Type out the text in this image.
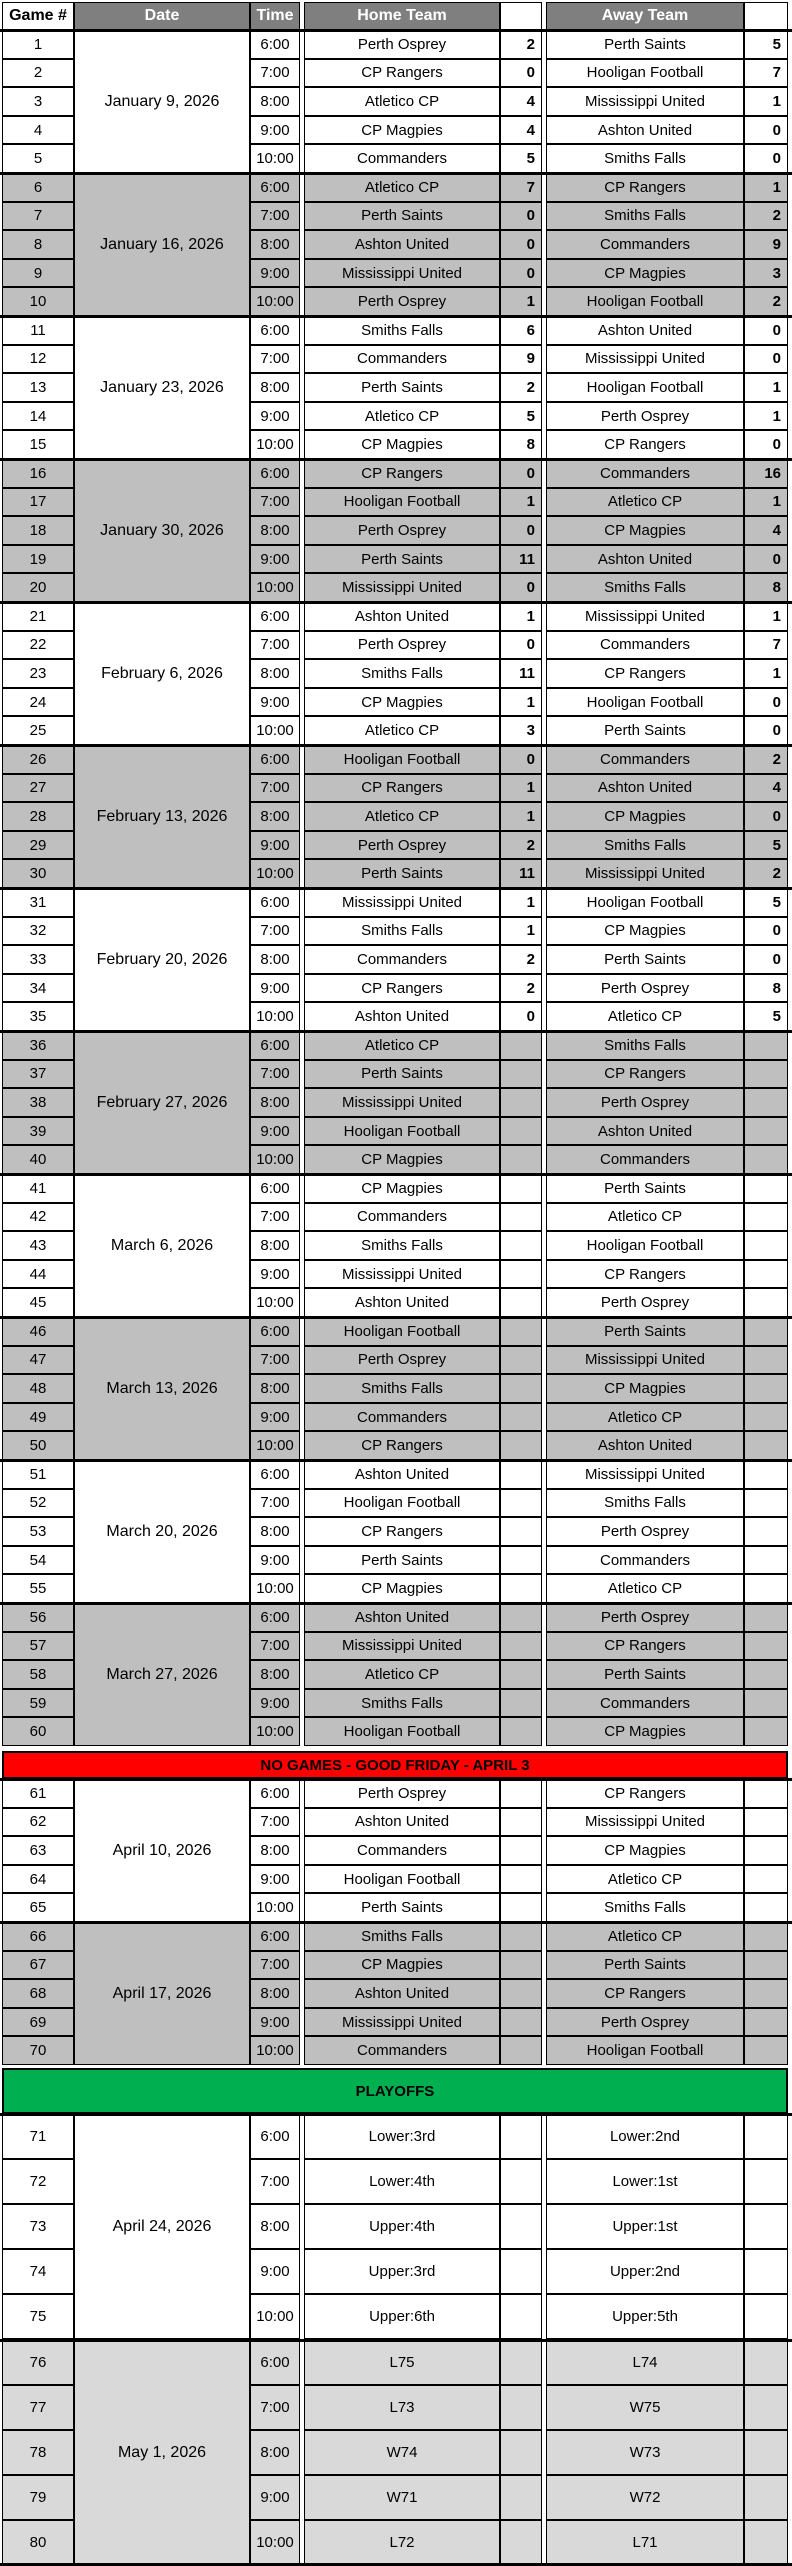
Game #	Date	Time	Home Team	Away Team
January 9, 2026
1	6:00	Perth Osprey	2	Perth Saints	5
2	7:00	CP Rangers	0	Hooligan Football	7
3	8:00	Atletico CP	4	Mississippi United	1
4	9:00	CP Magpies	4	Ashton United	0
5	10:00	Commanders	5	Smiths Falls	0
January 16, 2026
6	6:00	Atletico CP	7	CP Rangers	1
7	7:00	Perth Saints	0	Smiths Falls	2
8	8:00	Ashton United	0	Commanders	9
9	9:00	Mississippi United	0	CP Magpies	3
10	10:00	Perth Osprey	1	Hooligan Football	2
January 23, 2026
11	6:00	Smiths Falls	6	Ashton United	0
12	7:00	Commanders	9	Mississippi United	0
13	8:00	Perth Saints	2	Hooligan Football	1
14	9:00	Atletico CP	5	Perth Osprey	1
15	10:00	CP Magpies	8	CP Rangers	0
January 30, 2026
16	6:00	CP Rangers	0	Commanders	16
17	7:00	Hooligan Football	1	Atletico CP	1
18	8:00	Perth Osprey	0	CP Magpies	4
19	9:00	Perth Saints	11	Ashton United	0
20	10:00	Mississippi United	0	Smiths Falls	8
February 6, 2026
21	6:00	Ashton United	1	Mississippi United	1
22	7:00	Perth Osprey	0	Commanders	7
23	8:00	Smiths Falls	11	CP Rangers	1
24	9:00	CP Magpies	1	Hooligan Football	0
25	10:00	Atletico CP	3	Perth Saints	0
February 13, 2026
26	6:00	Hooligan Football	0	Commanders	2
27	7:00	CP Rangers	1	Ashton United	4
28	8:00	Atletico CP	1	CP Magpies	0
29	9:00	Perth Osprey	2	Smiths Falls	5
30	10:00	Perth Saints	11	Mississippi United	2
February 20, 2026
31	6:00	Mississippi United	1	Hooligan Football	5
32	7:00	Smiths Falls	1	CP Magpies	0
33	8:00	Commanders	2	Perth Saints	0
34	9:00	CP Rangers	2	Perth Osprey	8
35	10:00	Ashton United	0	Atletico CP	5
February 27, 2026
36	6:00	Atletico CP	Smiths Falls
37	7:00	Perth Saints	CP Rangers
38	8:00	Mississippi United	Perth Osprey
39	9:00	Hooligan Football	Ashton United
40	10:00	CP Magpies	Commanders
March 6, 2026
41	6:00	CP Magpies	Perth Saints
42	7:00	Commanders	Atletico CP
43	8:00	Smiths Falls	Hooligan Football
44	9:00	Mississippi United	CP Rangers
45	10:00	Ashton United	Perth Osprey
March 13, 2026
46	6:00	Hooligan Football	Perth Saints
47	7:00	Perth Osprey	Mississippi United
48	8:00	Smiths Falls	CP Magpies
49	9:00	Commanders	Atletico CP
50	10:00	CP Rangers	Ashton United
March 20, 2026
51	6:00	Ashton United	Mississippi United
52	7:00	Hooligan Football	Smiths Falls
53	8:00	CP Rangers	Perth Osprey
54	9:00	Perth Saints	Commanders
55	10:00	CP Magpies	Atletico CP
March 27, 2026
56	6:00	Ashton United	Perth Osprey
57	7:00	Mississippi United	CP Rangers
58	8:00	Atletico CP	Perth Saints
59	9:00	Smiths Falls	Commanders
60	10:00	Hooligan Football	CP Magpies
April 10, 2026
61	6:00	Perth Osprey	CP Rangers
62	7:00	Ashton United	Mississippi United
63	8:00	Commanders	CP Magpies
64	9:00	Hooligan Football	Atletico CP
65	10:00	Perth Saints	Smiths Falls
April 17, 2026
66	6:00	Smiths Falls	Atletico CP
67	7:00	CP Magpies	Perth Saints
68	8:00	Ashton United	CP Rangers
69	9:00	Mississippi United	Perth Osprey
70	10:00	Commanders	Hooligan Football
April 24, 2026
71	6:00	Lower:3rd	Lower:2nd
72	7:00	Lower:4th	Lower:1st
73	8:00	Upper:4th	Upper:1st
74	9:00	Upper:3rd	Upper:2nd
75	10:00	Upper:6th	Upper:5th
May 1, 2026
76	6:00	L75	L74
77	7:00	L73	W75
78	8:00	W74	W73
79	9:00	W71	W72
80	10:00	L72	L71
NO GAMES - GOOD FRIDAY - APRIL 3
PLAYOFFS
